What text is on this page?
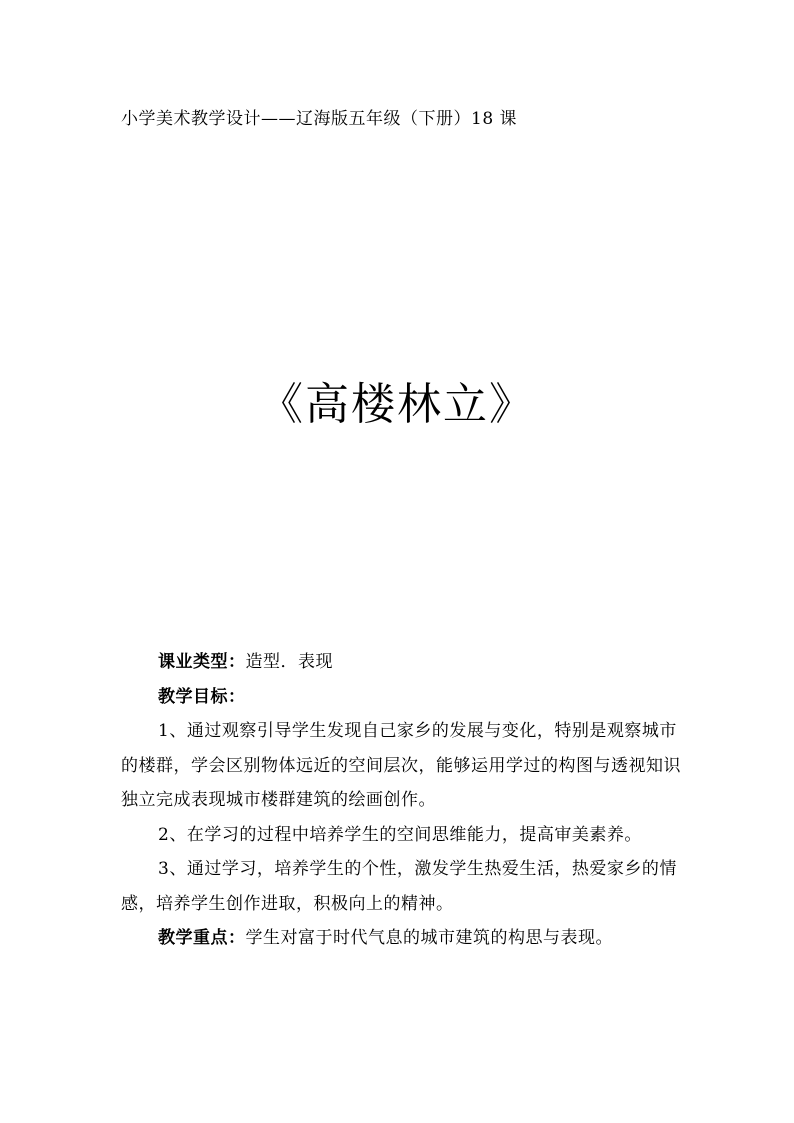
小学美术教学设计——辽海版五年级（下册）18 课
《高楼林立》

课业类型：造型．表现

教学目标：

1、通过观察引导学生发现自己家乡的发展与变化，特别是观察城市的楼群，学会区别物体远近的空间层次，能够运用学过的构图与透视知识独立完成表现城市楼群建筑的绘画创作。

2、在学习的过程中培养学生的空间思维能力，提高审美素养。

3、通过学习，培养学生的个性，激发学生热爱生活，热爱家乡的情感，培养学生创作进取，积极向上的精神。

教学重点：学生对富于时代气息的城市建筑的构思与表现。
